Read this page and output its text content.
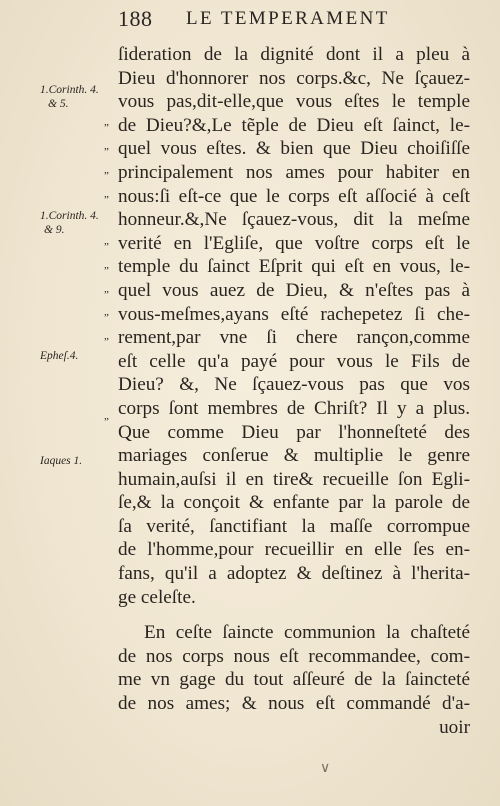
188 LE TEMPERAMENT
1.Corinth. 4.
& 5.
1.Corinth. 4.
& 9.
Epheſ.4.
Iaques 1.
”
”
”
”
”
”
”
”
”
”
ſideration de la dignité dont il a pleu à
Dieu d'honnorer nos corps.&c, Ne ſçauez-
vous pas,dit-elle,que vous eſtes le temple
de Dieu?&,Le tẽple de Dieu eſt ſainct, le-
quel vous eſtes. & bien que Dieu choiſiſſe
principalement nos ames pour habiter en
nous:ſi eſt-ce que le corps eſt aſſocié à ceſt
honneur.&,Ne ſçauez-vous, dit la meſme
verité en l'Egliſe, que voſtre corps eſt le
temple du ſainct Eſprit qui eſt en vous, le-
quel vous auez de Dieu, & n'eſtes pas à
vous-meſmes,ayans eſté rachepetez ſi che-
rement,par vne ſi chere rançon,comme
eſt celle qu'a payé pour vous le Fils de
Dieu? &, Ne ſçauez-vous pas que vos
corps ſont membres de Chriſt? Il y a plus.
Que comme Dieu par l'honneſteté des
mariages conſerue & multiplie le genre
humain,auſsi il en tire& recueille ſon Egli-
ſe,& la conçoit & enfante par la parole de
ſa verité, ſanctifiant la maſſe corrompue
de l'homme,pour recueillir en elle ſes en-
fans, qu'il a adoptez & deſtinez à l'herita-
ge celeſte.
En ceſte ſaincte communion la chaſteté
de nos corps nous eſt recommandee, com-
me vn gage du tout aſſeuré de la ſaincteté
de nos ames; & nous eſt commandé d'a-
uoir
∨
